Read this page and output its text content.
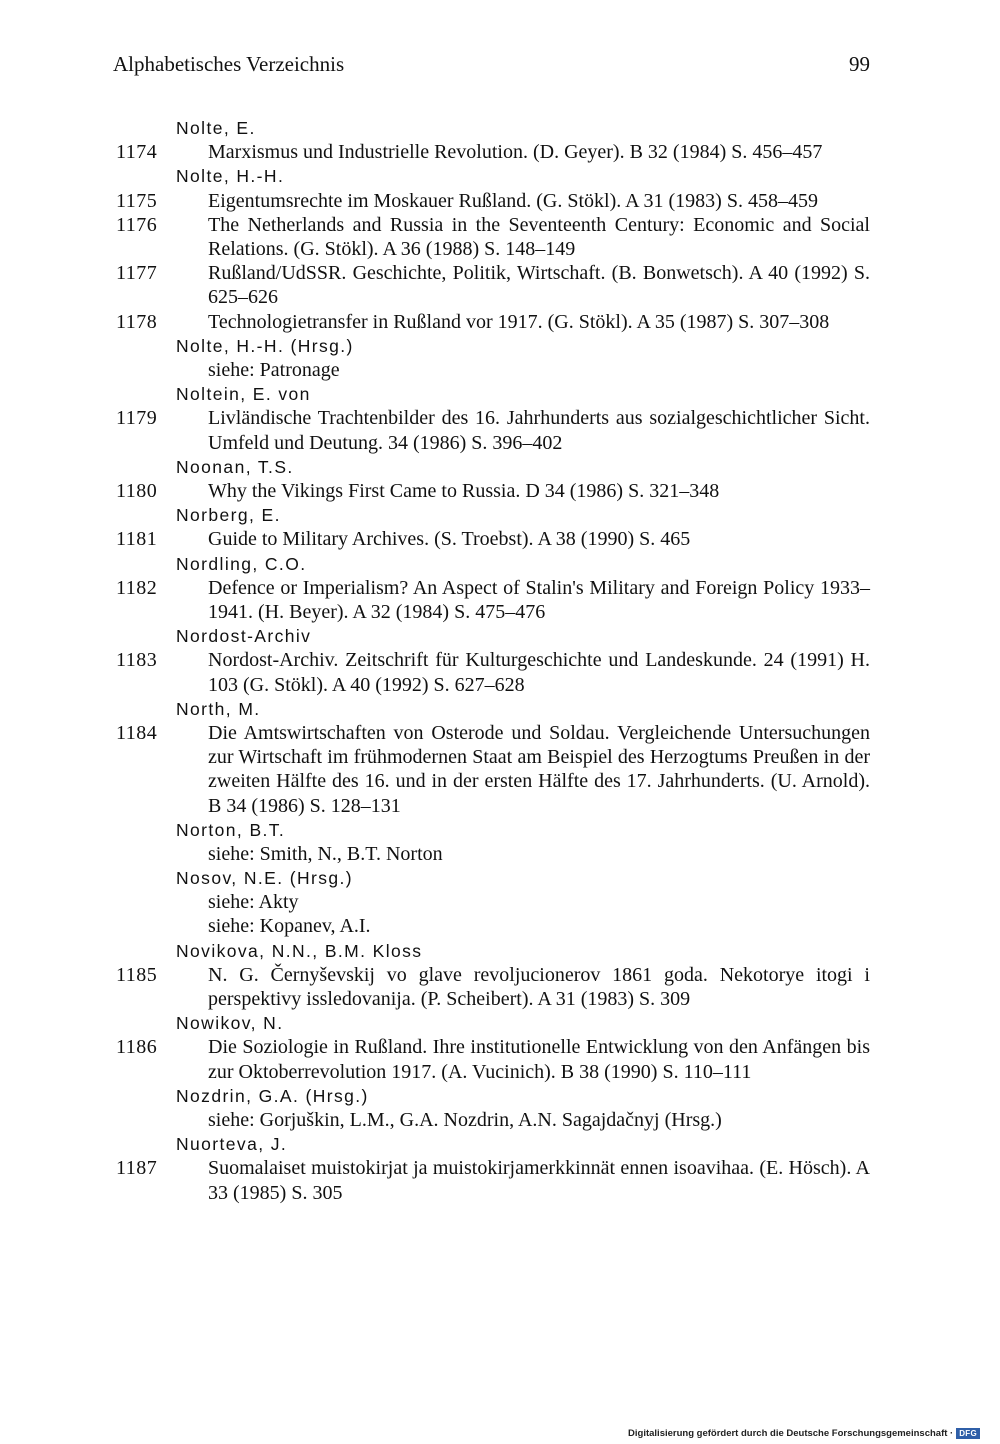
Alphabetisches Verzeichnis	99
Nolte, E.
1174	Marxismus und Industrielle Revolution. (D. Geyer). B 32 (1984) S. 456–457
Nolte, H.-H.
1175	Eigentumsrechte im Moskauer Rußland. (G. Stökl). A 31 (1983) S. 458–459
1176	The Netherlands and Russia in the Seventeenth Century: Economic and Social Relations. (G. Stökl). A 36 (1988) S. 148–149
1177	Rußland/UdSSR. Geschichte, Politik, Wirtschaft. (B. Bonwetsch). A 40 (1992) S. 625–626
1178	Technologietransfer in Rußland vor 1917. (G. Stökl). A 35 (1987) S. 307–308
Nolte, H.-H. (Hrsg.)
siehe: Patronage
Noltein, E. von
1179	Livländische Trachtenbilder des 16. Jahrhunderts aus sozialgeschichtlicher Sicht. Umfeld und Deutung. 34 (1986) S. 396–402
Noonan, T.S.
1180	Why the Vikings First Came to Russia. D 34 (1986) S. 321–348
Norberg, E.
1181	Guide to Military Archives. (S. Troebst). A 38 (1990) S. 465
Nordling, C.O.
1182	Defence or Imperialism? An Aspect of Stalin's Military and Foreign Policy 1933–1941. (H. Beyer). A 32 (1984) S. 475–476
Nordost-Archiv
1183	Nordost-Archiv. Zeitschrift für Kulturgeschichte und Landeskunde. 24 (1991) H. 103 (G. Stökl). A 40 (1992) S. 627–628
North, M.
1184	Die Amtswirtschaften von Osterode und Soldau. Vergleichende Untersuchungen zur Wirtschaft im frühmodernen Staat am Beispiel des Herzogtums Preußen in der zweiten Hälfte des 16. und in der ersten Hälfte des 17. Jahrhunderts. (U. Arnold). B 34 (1986) S. 128–131
Norton, B.T.
siehe: Smith, N., B.T. Norton
Nosov, N.E. (Hrsg.)
siehe: Akty
siehe: Kopanev, A.I.
Novikova, N.N., B.M. Kloss
1185	N. G. Černyševskij vo glave revoljucionerov 1861 goda. Nekotorye itogi i perspektivy issledovanija. (P. Scheibert). A 31 (1983) S. 309
Nowikov, N.
1186	Die Soziologie in Rußland. Ihre institutionelle Entwicklung von den Anfängen bis zur Oktoberrevolution 1917. (A. Vucinich). B 38 (1990) S. 110–111
Nozdrin, G.A. (Hrsg.)
siehe: Gorjuškin, L.M., G.A. Nozdrin, A.N. Sagajdačnyj (Hrsg.)
Nuorteva, J.
1187	Suomalaiset muistokirjat ja muistokirjamerkkinnät ennen isoavihaa. (E. Hösch). A 33 (1985) S. 305
Digitalisierung gefördert durch die Deutsche Forschungsgemeinschaft · DFG
